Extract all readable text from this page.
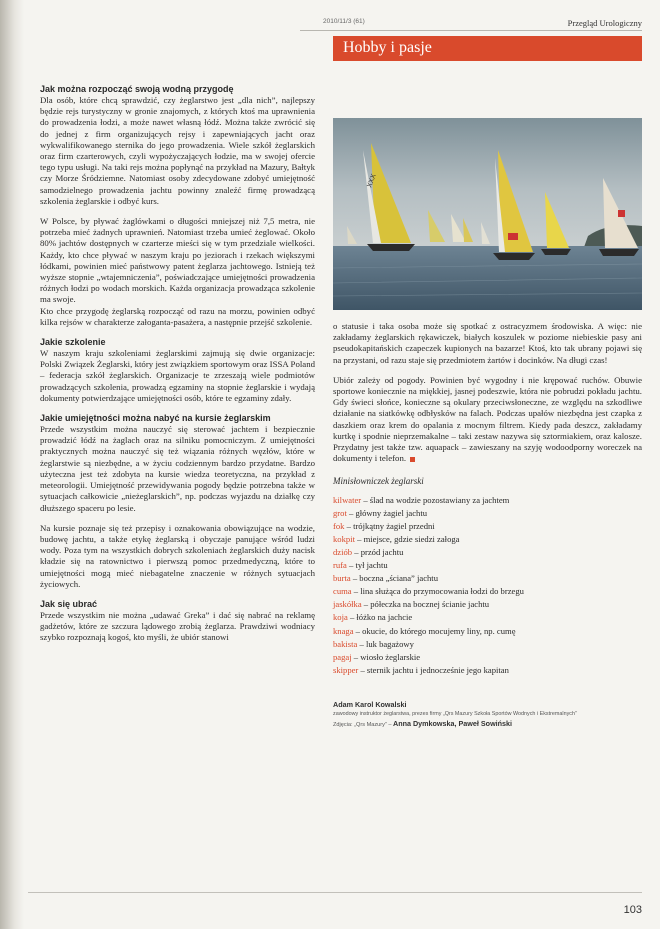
2010/11/3 (61)	Przegląd Urologiczny
Hobby i pasje
Jak można rozpocząć swoją wodną przygodę

Dla osób, które chcą sprawdzić, czy żeglarstwo jest „dla nich”, najlepszy będzie rejs turystyczny w gronie znajomych, z których ktoś ma uprawnienia do prowadzenia łodzi, a może nawet własną łódź. Można także zwrócić się do jednej z firm organizujących rejsy i zapewniających jacht oraz wykwalifikowanego sternika do jego prowadzenia. Wiele szkół żeglarskich oraz firm czarterowych, czyli wypożyczających łodzie, ma w swojej ofercie tego typu usługi. Na taki rejs można popłynąć na przykład na Mazury, Bałtyk czy Morze Śródziemne. Natomiast osoby zdecydowane zdobyć umiejętność samodzielnego prowadzenia jachtu powinny znaleźć firmę prowadzącą szkolenia żeglarskie i odbyć kurs.

W Polsce, by pływać żaglówkami o długości mniejszej niż 7,5 metra, nie potrzeba mieć żadnych uprawnień. Natomiast trzeba umieć żeglować. Około 80% jachtów dostępnych w czarterze mieści się w tym przedziale wielkości. Każdy, kto chce pływać w naszym kraju po jeziorach i rzekach większymi łódkami, powinien mieć państwowy patent żeglarza jachtowego. Istnieją też wyższe stopnie „wtajemniczenia”, poświadczające umiejętności prowadzenia różnych łodzi po wodach morskich. Każda organizacja prowadząca szkolenie ma swoje.

Kto chce przygodę żeglarską rozpocząć od razu na morzu, powinien odbyć kilka rejsów w charakterze załoganta-pasażera, a następnie przejść szkolenie.

Jakie szkolenie

W naszym kraju szkoleniami żeglarskimi zajmują się dwie organizacje: Polski Związek Żeglarski, który jest związkiem sportowym oraz ISSA Poland – federacja szkół żeglarskich. Organizacje te zrzeszają wiele podmiotów prowadzących szkolenia, prowadzą egzaminy na stopnie żeglarskie i wydają dokumenty potwierdzające umiejętności osób, które te egzaminy zdały.

Jakie umiejętności można nabyć na kursie żeglarskim

Przede wszystkim można nauczyć się sterować jachtem i bezpiecznie prowadzić łódź na żaglach oraz na silniku pomocniczym. Z umiejętności praktycznych można nauczyć się też wiązania różnych węzłów, które w żeglarstwie są niezbędne, a w życiu codziennym bardzo przydatne. Bardzo użyteczna jest też zdobyta na kursie wiedza teoretyczna, na przykład z meteorologii. Umiejętność przewidywania pogody będzie potrzebna także w sytuacjach całkowicie „nieżeglarskich”, np. podczas wyjazdu na działkę czy dłuższego spaceru po lesie.

Na kursie poznaje się też przepisy i oznakowania obowiązujące na wodzie, budowę jachtu, a także etykę żeglarską i obyczaje panujące wśród ludzi wody. Poza tym na wszystkich dobrych szkoleniach żeglarskich duży nacisk kładzie się na ratownictwo i pierwszą pomoc przedmedyczną, które to umiejętności mogą mieć niebagatelne znaczenie w różnych sytuacjach życiowych.

Jak się ubrać

Przede wszystkim nie można „udawać Greka” i dać się nabrać na reklamę gadżetów, które ze szczura lądowego zrobią żeglarza. Prawdziwi wodniacy szybko rozpoznają kogoś, kto myśli, że ubiór stanowi

XXX

o statusie i taka osoba może się spotkać z ostracyzmem środowiska. A więc: nie zakładamy żeglarskich rękawiczek, białych koszulek w poziome niebieskie pasy ani pseudokapitańskich czapeczek kupionych na bazarze! Ktoś, kto tak ubrany pojawi się na przystani, od razu staje się przedmiotem żartów i docinków. Na długi czas!

Ubiór zależy od pogody. Powinien być wygodny i nie krępować ruchów. Obuwie sportowe koniecznie na miękkiej, jasnej podeszwie, która nie pobrudzi pokładu jachtu. Gdy świeci słońce, konieczne są okulary przeciwsłoneczne, ze względu na szkodliwe działanie na siatkówkę odbłysków na falach. Podczas upałów niezbędna jest czapka z daszkiem oraz krem do opalania z mocnym filtrem. Kiedy pada deszcz, zakładamy kurtkę i spodnie nieprzemakalne – taki zestaw nazywa się sztormiakiem, oraz kalosze. Przydatny jest także tzw. aquapack – zawieszany na szyję wodoodporny woreczek na dokumenty i telefon.

Minisłowniczek żeglarski
kilwater – ślad na wodzie pozostawiany za jachtem
grot – główny żagiel jachtu
fok – trójkątny żagiel przedni
kokpit – miejsce, gdzie siedzi załoga
dziób – przód jachtu
rufa – tył jachtu
burta – boczna „ściana” jachtu
cuma – lina służąca do przymocowania łodzi do brzegu
jaskółka – półeczka na bocznej ścianie jachtu
koja – łóżko na jachcie
knaga – okucie, do którego mocujemy liny, np. cumę
bakista – luk bagażowy
pagaj – wiosło żeglarskie
skipper – sternik jachtu i jednocześnie jego kapitan
Adam Karol Kowalski
zawodowy instruktor żeglarstwa, prezes firmy „Qrs Mazury Szkoła Sportów Wodnych i Ekstremalnych”
Zdjęcia: „Qrs Mazury” – Anna Dymkowska, Paweł Sowiński
103
